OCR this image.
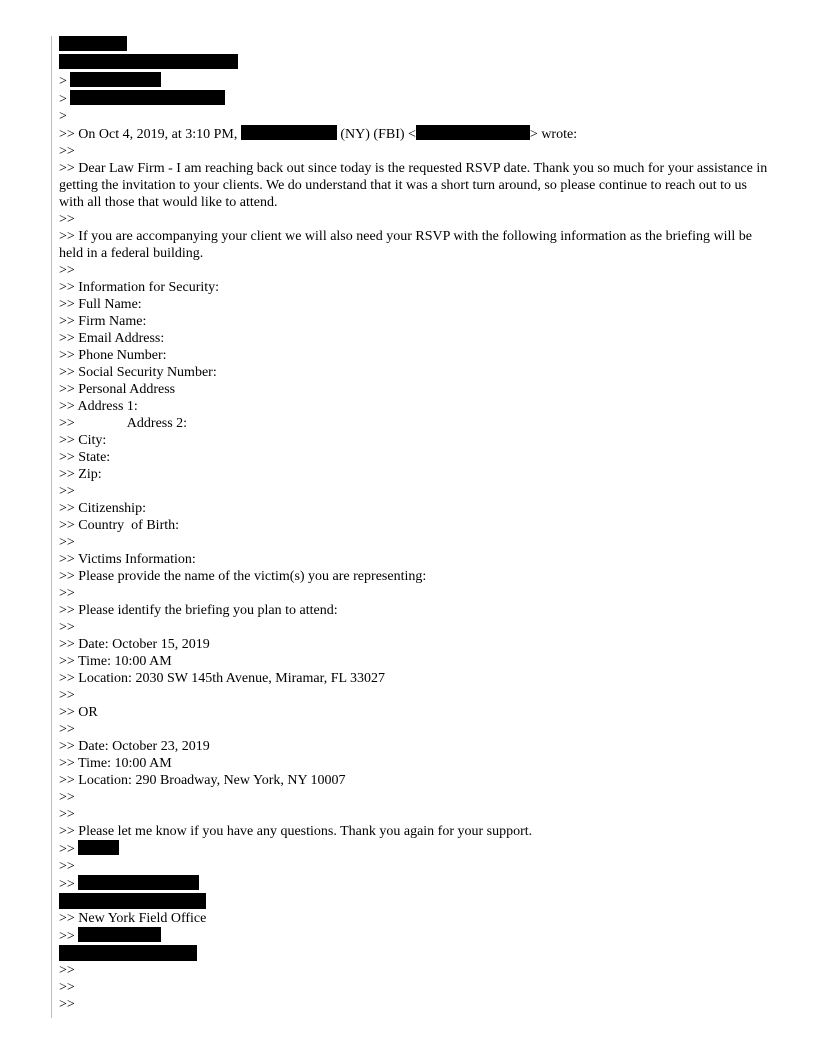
>
>
>
>> On Oct 4, 2019, at 3:10 PM,	(NY) (FBI) <	> wrote:
>>
>> Dear Law Firm - I am reaching back out since today is the requested RSVP date. Thank you so much for your assistance in getting the invitation to your clients. We do understand that it was a short turn around, so please continue to reach out to us with all those that would like to attend.
>>
>> If you are accompanying your client we will also need your RSVP with the following information as the briefing will be held in a federal building.
>>
>> Information for Security:
>> Full Name:
>> Firm Name:
>> Email Address:
>> Phone Number:
>> Social Security Number:
>> Personal Address
>> Address 1:
>>	Address 2:
>> City:
>> State:
>> Zip:
>>
>> Citizenship:
>> Country  of Birth:
>>
>> Victims Information:
>> Please provide the name of the victim(s) you are representing:
>>
>> Please identify the briefing you plan to attend:
>>
>> Date: October 15, 2019
>> Time: 10:00 AM
>> Location: 2030 SW 145th Avenue, Miramar, FL 33027
>>
>> OR
>>
>> Date: October 23, 2019
>> Time: 10:00 AM
>> Location: 290 Broadway, New York, NY 10007
>>
>>
>> Please let me know if you have any questions. Thank you again for your support.
>>
>>
>>
>> New York Field Office
>>
>>
>>
>>
